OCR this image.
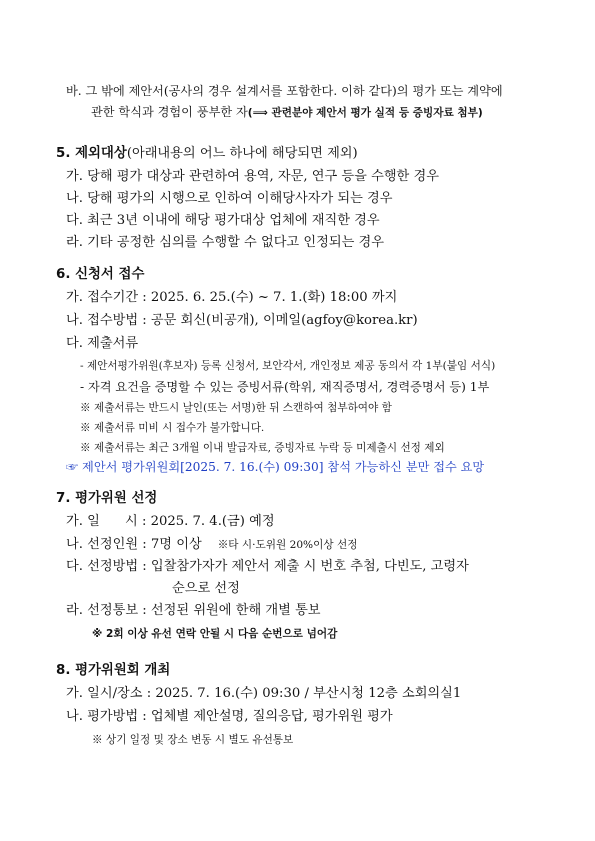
바. 그 밖에 제안서(공사의 경우 설계서를 포함한다. 이하 같다)의 평가 또는 계약에
관한 학식과 경험이 풍부한 자(⟹ 관련분야 제안서 평가 실적 등 증빙자료 첨부)
5. 제외대상(아래내용의 어느 하나에 해당되면 제외)
가. 당해 평가 대상과 관련하여 용역, 자문, 연구 등을 수행한 경우
나. 당해 평가의 시행으로 인하여 이해당사자가 되는 경우
다. 최근 3년 이내에 해당 평가대상 업체에 재직한 경우
라. 기타 공정한 심의를 수행할 수 없다고 인정되는 경우
6. 신청서 접수
가. 접수기간 : 2025. 6. 25.(수) ~ 7. 1.(화) 18:00 까지
나. 접수방법 : 공문 회신(비공개), 이메일(agfoy@korea.kr)
다. 제출서류
- 제안서평가위원(후보자) 등록 신청서, 보안각서, 개인정보 제공 동의서 각 1부(붙임 서식)
- 자격 요건을 증명할 수 있는 증빙서류(학위, 재직증명서, 경력증명서 등) 1부
※ 제출서류는 반드시 날인(또는 서명)한 뒤 스캔하여 첨부하여야 함
※ 제출서류 미비 시 접수가 불가합니다.
※ 제출서류는 최근 3개월 이내 발급자료, 증빙자료 누락 등 미제출시 선정 제외
☞ 제안서 평가위원회[2025. 7. 16.(수) 09:30] 참석 가능하신 분만 접수 요망
7. 평가위원 선정
가. 일      시 : 2025. 7. 4.(금) 예정
나. 선정인원 : 7명 이상 ※타 시·도위원 20%이상 선정
다. 선정방법 : 입찰참가자가 제안서 제출 시 번호 추첨, 다빈도, 고령자
순으로 선정
라. 선정통보 : 선정된 위원에 한해 개별 통보
※ 2회 이상 유선 연락 안될 시 다음 순번으로 넘어감
8. 평가위원회 개최
가. 일시/장소 : 2025. 7. 16.(수) 09:30 / 부산시청 12층 소회의실1
나. 평가방법 : 업체별 제안설명, 질의응답, 평가위원 평가
※ 상기 일정 및 장소 변동 시 별도 유선통보
